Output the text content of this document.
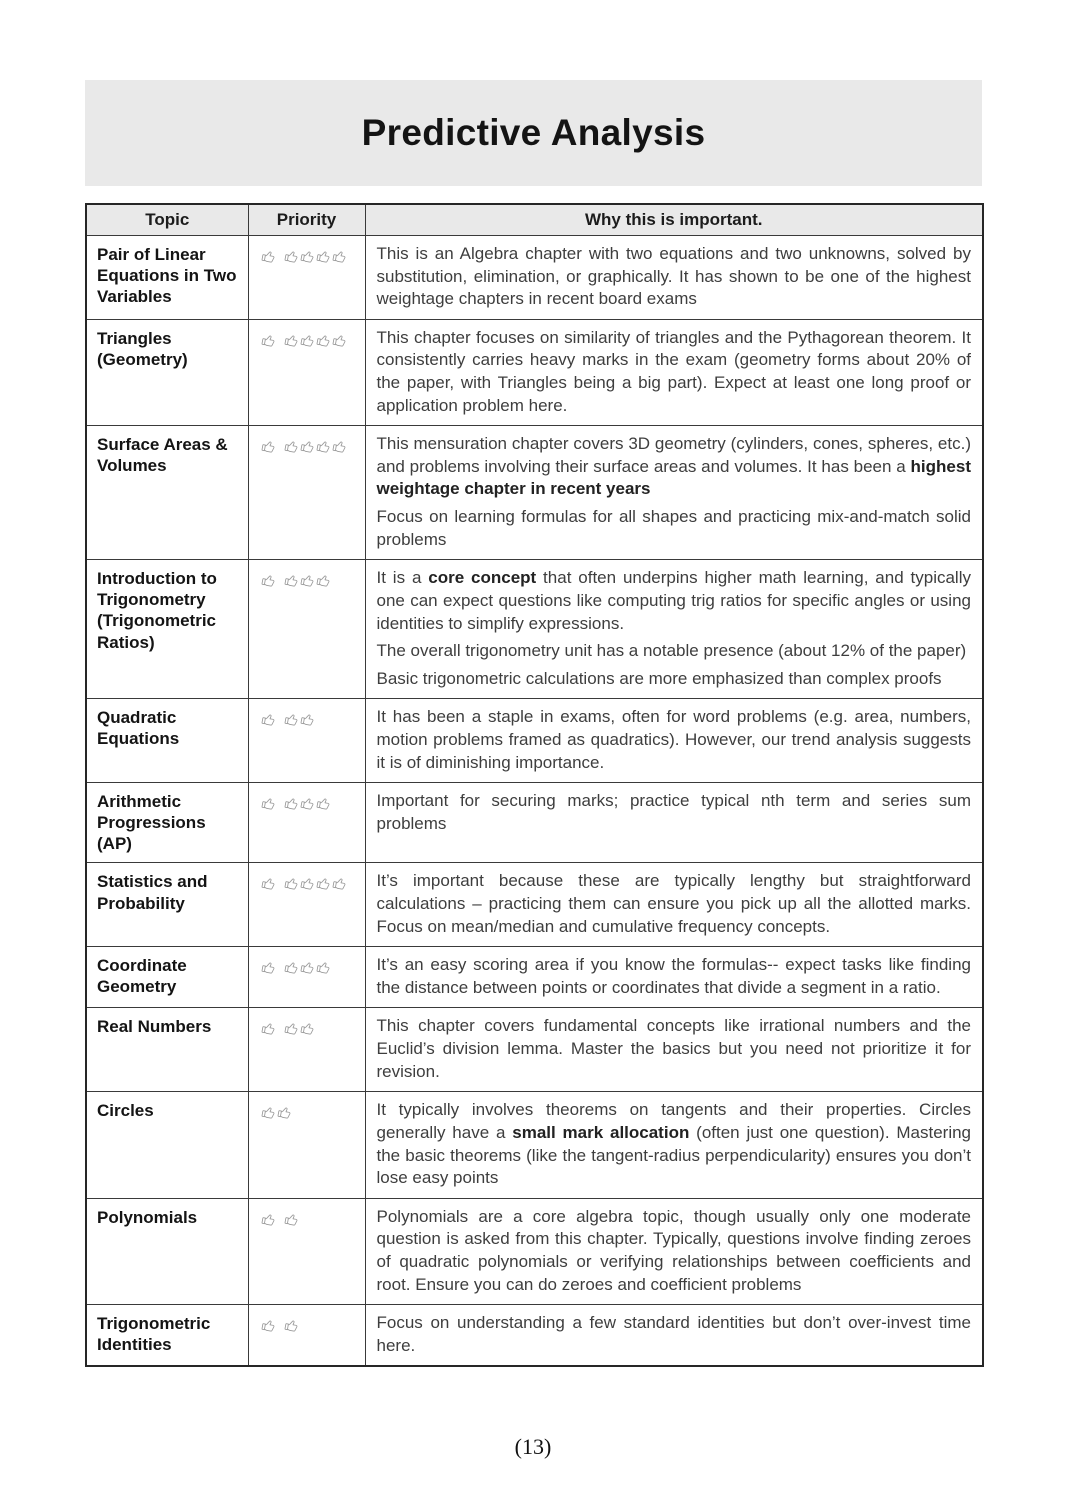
Predictive Analysis
Topic	Priority	Why this is important.
Pair of Linear Equations in Two Variables		This is an Algebra chapter with two equations and two unknowns, solved by substitution, elimination, or graphically. It has shown to be one of the highest weightage chapters in recent board exams

Triangles (Geometry)		This chapter focuses on similarity of triangles and the Pythagorean theorem. It consistently carries heavy marks in the exam (geometry forms about 20% of the paper, with Triangles being a big part). Expect at least one long proof or application problem here.

Surface Areas & Volumes		This mensuration chapter covers 3D geometry (cylinders, cones, spheres, etc.) and problems involving their surface areas and volumes. It has been a highest weightage chapter in recent years

Focus on learning formulas for all shapes and practicing mix-and-match solid problems

Introduction to Trigonometry (Trigonometric Ratios)		It is a core concept that often underpins higher math learning, and typically one can expect questions like computing trig ratios for specific angles or using identities to simplify expressions.

The overall trigonometry unit has a notable presence (about 12% of the paper)

Basic trigonometric calculations are more emphasized than complex proofs

Quadratic Equations		It has been a staple in exams, often for word problems (e.g. area, numbers, motion problems framed as quadratics). However, our trend analysis suggests it is of diminishing importance.

Arithmetic Progressions (AP)		Important for securing marks; practice typical nth term and series sum problems

Statistics and Probability		It’s important because these are typically lengthy but straightforward calculations – practicing them can ensure you pick up all the allotted marks. Focus on mean/median and cumulative frequency concepts.

Coordinate Geometry		It’s an easy scoring area if you know the formulas-- expect tasks like finding the distance between points or coordinates that divide a segment in a ratio.

Real Numbers		This chapter covers fundamental concepts like irrational numbers and the Euclid’s division lemma. Master the basics but you need not prioritize it for revision.

Circles		It typically involves theorems on tangents and their properties. Circles generally have a small mark allocation (often just one question). Mastering the basic theorems (like the tangent-radius perpendicularity) ensures you don’t lose easy points

Polynomials		Polynomials are a core algebra topic, though usually only one moderate question is asked from this chapter. Typically, questions involve finding zeroes of quadratic polynomials or verifying relationships between coefficients and root. Ensure you can do zeroes and coefficient problems

Trigonometric Identities		Focus on understanding a few standard identities but don’t over-invest time here.

(13)
